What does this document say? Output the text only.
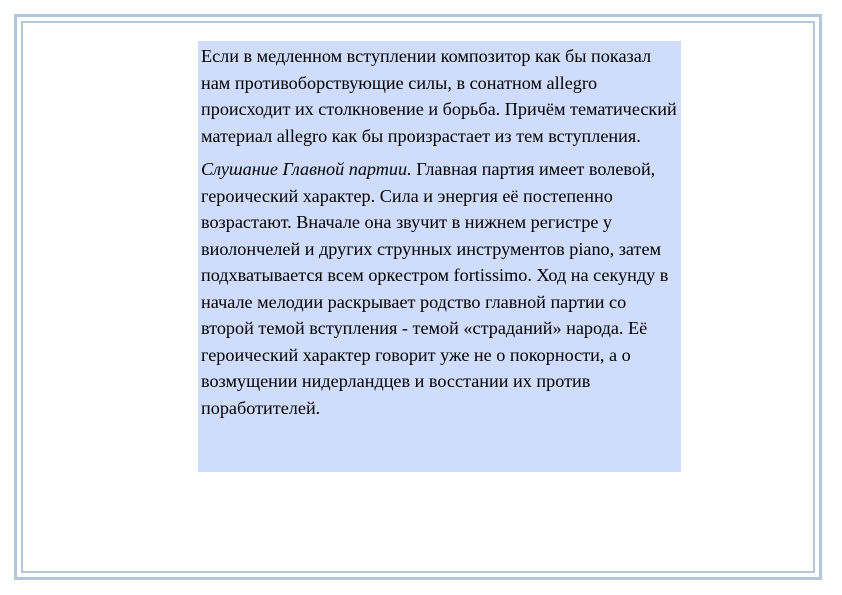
Если в медленном вступлении композитор как бы показал нам противоборствующие силы, в сонатном allegro происходит их столкновение и борьба. Причём тематический материал allegro как бы произрастает из тем вступления.

Слушание Главной партии. Главная партия имеет волевой, героический характер. Сила и энергия её постепенно возрастают. Вначале она звучит в нижнем регистре у виолончелей и других струнных инструментов piano, затем подхватывается всем оркестром fortissimo. Ход на секунду в начале мелодии раскрывает родство главной партии со второй темой вступления - темой «страданий» народа. Её героический характер говорит уже не о покорности, а о возмущении нидерландцев и восстании их против поработителей.
